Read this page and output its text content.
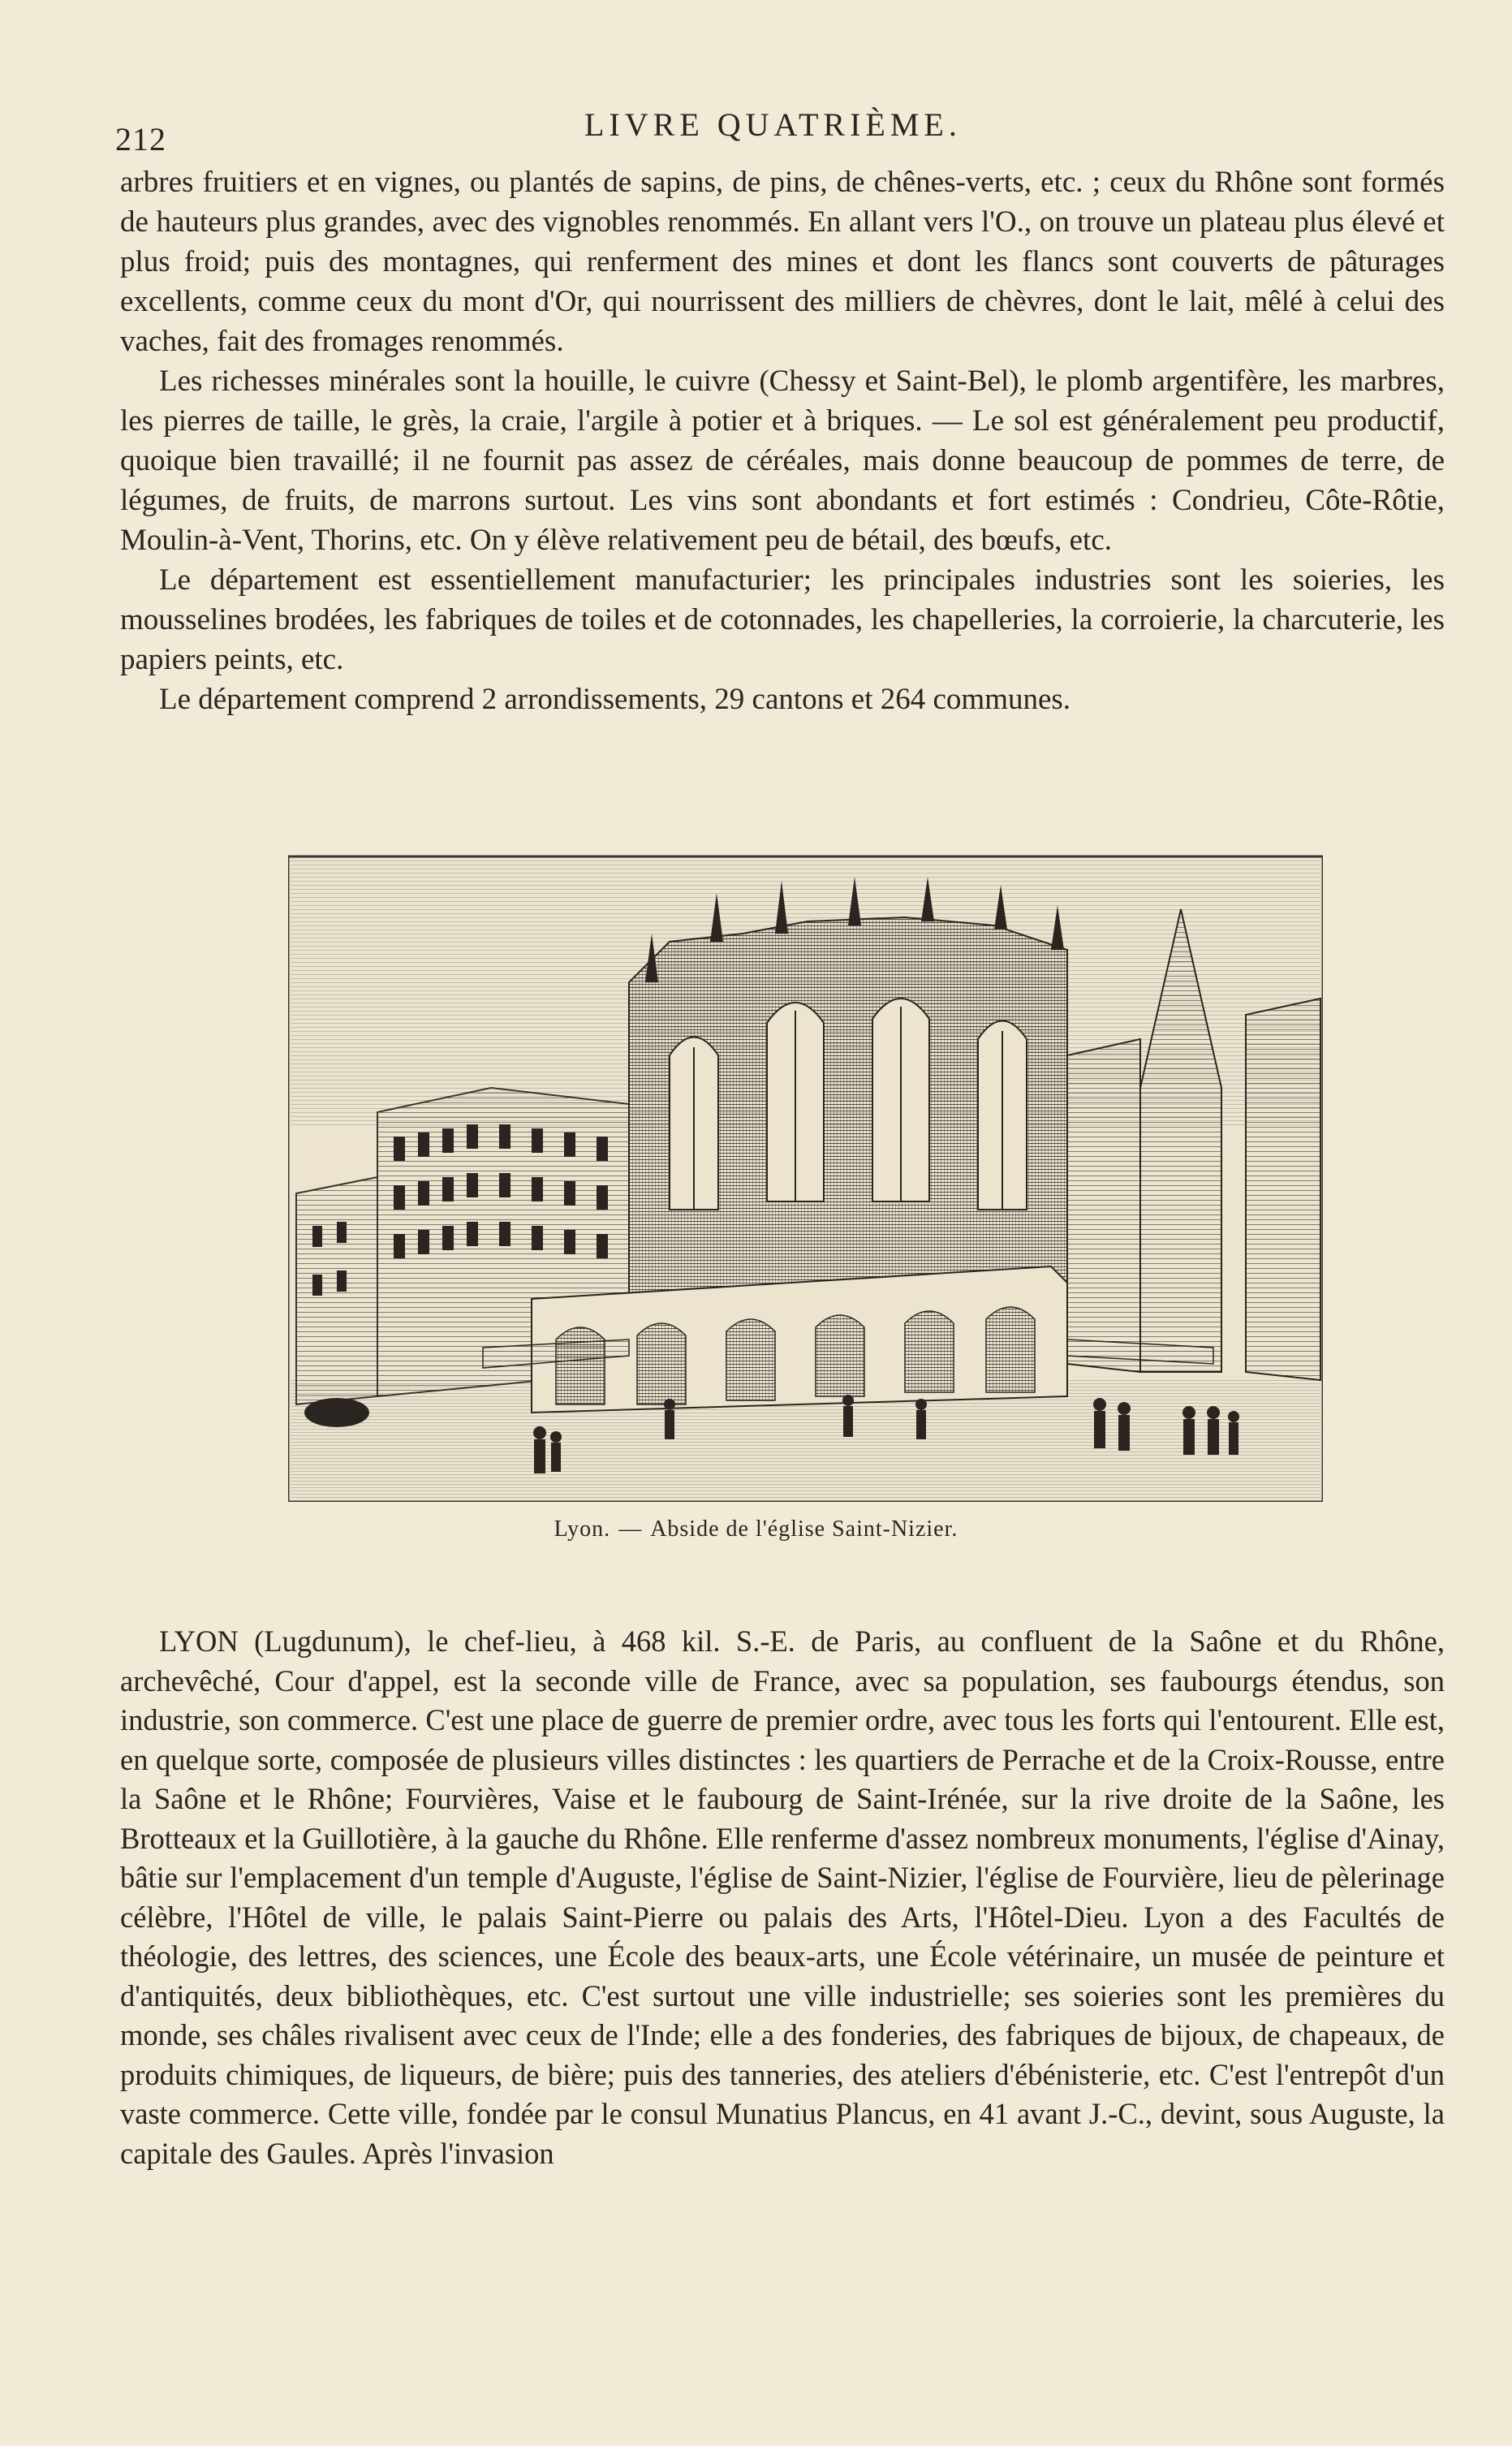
212	LIVRE QUATRIÈME.

arbres fruitiers et en vignes, ou plantés de sapins, de pins, de chênes-verts, etc. ; ceux du Rhône sont formés de hauteurs plus grandes, avec des vignobles renommés. En allant vers l'O., on trouve un plateau plus élevé et plus froid; puis des montagnes, qui renferment des mines et dont les flancs sont couverts de pâturages excellents, comme ceux du mont d'Or, qui nourrissent des milliers de chèvres, dont le lait, mêlé à celui des vaches, fait des fromages renommés.

Les richesses minérales sont la houille, le cuivre (Chessy et Saint-Bel), le plomb argentifère, les marbres, les pierres de taille, le grès, la craie, l'argile à potier et à briques. — Le sol est généralement peu productif, quoique bien travaillé; il ne fournit pas assez de céréales, mais donne beaucoup de pommes de terre, de légumes, de fruits, de marrons surtout. Les vins sont abondants et fort estimés : Condrieu, Côte-Rôtie, Moulin-à-Vent, Thorins, etc. On y élève relativement peu de bétail, des bœufs, etc.

Le département est essentiellement manufacturier; les principales industries sont les soieries, les mousselines brodées, les fabriques de toiles et de cotonnades, les chapelleries, la corroierie, la charcuterie, les papiers peints, etc.

Le département comprend 2 arrondissements, 29 cantons et 264 communes.

Lyon. — Abside de l'église Saint-Nizier.

LYON (Lugdunum), le chef-lieu, à 468 kil. S.-E. de Paris, au confluent de la Saône et du Rhône, archevêché, Cour d'appel, est la seconde ville de France, avec sa population, ses faubourgs étendus, son industrie, son commerce. C'est une place de guerre de premier ordre, avec tous les forts qui l'entourent. Elle est, en quelque sorte, composée de plusieurs villes distinctes : les quartiers de Perrache et de la Croix-Rousse, entre la Saône et le Rhône; Fourvières, Vaise et le faubourg de Saint-Irénée, sur la rive droite de la Saône, les Brotteaux et la Guillotière, à la gauche du Rhône. Elle renferme d'assez nombreux monuments, l'église d'Ainay, bâtie sur l'emplacement d'un temple d'Auguste, l'église de Saint-Nizier, l'église de Fourvière, lieu de pèlerinage célèbre, l'Hôtel de ville, le palais Saint-Pierre ou palais des Arts, l'Hôtel-Dieu. Lyon a des Facultés de théologie, des lettres, des sciences, une École des beaux-arts, une École vétérinaire, un musée de peinture et d'antiquités, deux bibliothèques, etc. C'est surtout une ville industrielle; ses soieries sont les premières du monde, ses châles rivalisent avec ceux de l'Inde; elle a des fonderies, des fabriques de bijoux, de chapeaux, de produits chimiques, de liqueurs, de bière; puis des tanneries, des ateliers d'ébénisterie, etc. C'est l'entrepôt d'un vaste commerce. Cette ville, fondée par le consul Munatius Plancus, en 41 avant J.-C., devint, sous Auguste, la capitale des Gaules. Après l'invasion
